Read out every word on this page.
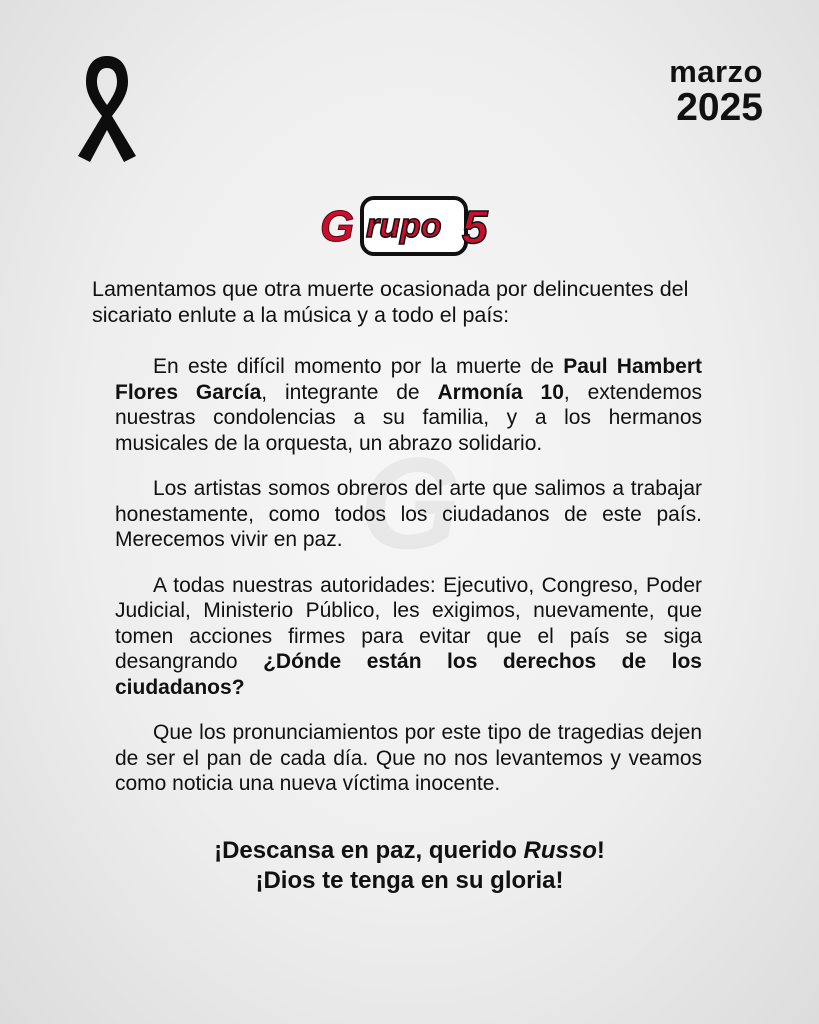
G
marzo
2025
G rupo 5

Lamentamos que otra muerte ocasionada por delincuentes del sicariato enlute a la música y a todo el país:

En este difícil momento por la muerte de Paul Hambert Flores García, integrante de Armonía 10, extendemos nuestras condolencias a su familia, y a los hermanos musicales de la orquesta, un abrazo solidario.

Los artistas somos obreros del arte que salimos a trabajar honestamente, como todos los ciudadanos de este país. Merecemos vivir en paz.

A todas nuestras autoridades: Ejecutivo, Congreso, Poder Judicial, Ministerio Público, les exigimos, nuevamente, que tomen acciones firmes para evitar que el país se siga desangrando ¿Dónde están los derechos de los ciudadanos?

Que los pronunciamientos por este tipo de tragedias dejen de ser el pan de cada día. Que no nos levantemos y veamos como noticia una nueva víctima inocente.

¡Descansa en paz, querido Russo!
¡Dios te tenga en su gloria!
